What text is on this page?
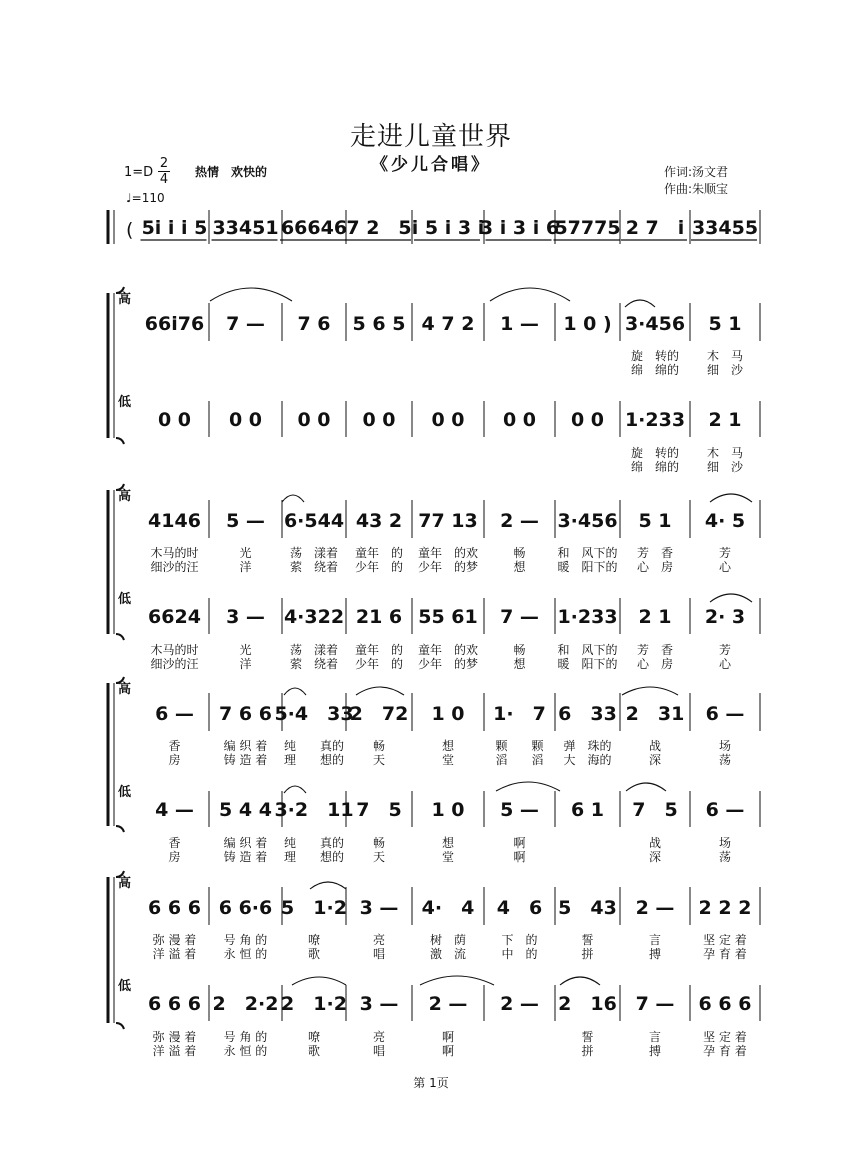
走进儿童世界
《少儿合唱》	作词:汤文君
作曲:朱顺宝
1=D
2
4 热情　欢快的
♩=110
( 5i i i 5 33451 66646 7 2　5 i 5 i 3 i
3 i 3 i 6
57775 2 7　i 33455
高
低
66i76 7 — 7 6 5 6 5 4 7 2 1 — 1 0 ) 3·456 5 1
0 0 0 0 0 0 0 0 0 0 0 0 0 0 1·233 2 1
旋　转的 木　马
绵　绵的 细　沙
旋　转的 木　马
绵　绵的 细　沙
高
低
4146 5 — 6·544 43 2 77 13 2 — 3·456 5 1 4· 5
6624 3 — 4·322 21 6 55 61 7 — 1·233 2 1 2· 3
木马的时	光	荡　漾着 童年　的 童年　的欢	畅	和　风下的 芳　香	芳
细沙的汪	洋	萦　绕着 少年　的 少年　的梦	想	暖　阳下的 心　房	心
木马的时	光	荡　漾着 童年　的 童年　的欢	畅	和　风下的 芳　香	芳
细沙的汪	洋	萦　绕着 少年　的 少年　的梦	想	暖　阳下的 心　房	心
高
低
6 — 7 6 6 5·4　33
2　72 1 0 1·　7 6　33 2　31 6 —
4 — 5 4 4 3·2　11 7　5 1 0 5 — 6 1 7　5 6 —
香	编 织 着 纯　　真的 畅	想	颗　　颗 弹　珠的	战	场
房	铸 造 着 理　　想的 天	堂	滔　　滔 大　海的	深	荡
香	编 织 着 纯　　真的 畅	想	啊	战	场
房	铸 造 着 理　　想的 天	堂	啊	深	荡
高
低
6 6 6 6 6·6 5　1·2 3 — 4·　4 4　6 5　43 2 — 2 2 2
6 6 6 2　2·2 2　1·2 3 — 2 — 2 — 2　16 7 — 6 6 6
弥 漫 着 号 角 的	嘹	亮	树　荫	下　的	誓	言	坚 定 着
洋 溢 着 永 恒 的	歌	唱	激　流	中　的	拼	搏	孕 育 着
弥 漫 着 号 角 的	嘹	亮	啊	誓	言	坚 定 着
洋 溢 着 永 恒 的	歌	唱	啊	拼	搏	孕 育 着
第 1页
